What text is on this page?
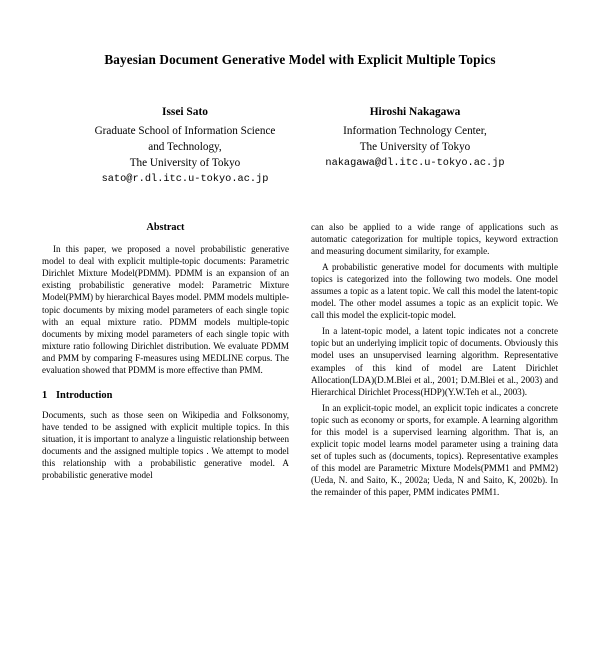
Bayesian Document Generative Model with Explicit Multiple Topics
Issei Sato
Graduate School of Information Science
and Technology,
The University of Tokyo
sato@r.dl.itc.u-tokyo.ac.jp
Hiroshi Nakagawa
Information Technology Center,
The University of Tokyo
nakagawa@dl.itc.u-tokyo.ac.jp
Abstract

In this paper, we proposed a novel probabilistic generative model to deal with explicit multiple-topic documents: Parametric Dirichlet Mixture Model(PDMM). PDMM is an expansion of an existing probabilistic generative model: Parametric Mixture Model(PMM) by hierarchical Bayes model. PMM models multiple-topic documents by mixing model parameters of each single topic with an equal mixture ratio. PDMM models multiple-topic documents by mixing model parameters of each single topic with mixture ratio following Dirichlet distribution. We evaluate PDMM and PMM by comparing F-measures using MEDLINE corpus. The evaluation showed that PDMM is more effective than PMM.

1 Introduction

Documents, such as those seen on Wikipedia and Folksonomy, have tended to be assigned with explicit multiple topics. In this situation, it is important to analyze a linguistic relationship between documents and the assigned multiple topics . We attempt to model this relationship with a probabilistic generative model. A probabilistic generative model

can also be applied to a wide range of applications such as automatic categorization for multiple topics, keyword extraction and measuring document similarity, for example.

A probabilistic generative model for documents with multiple topics is categorized into the following two models. One model assumes a topic as a latent topic. We call this model the latent-topic model. The other model assumes a topic as an explicit topic. We call this model the explicit-topic model.

In a latent-topic model, a latent topic indicates not a concrete topic but an underlying implicit topic of documents. Obviously this model uses an unsupervised learning algorithm. Representative examples of this kind of model are Latent Dirichlet Allocation(LDA)(D.M.Blei et al., 2001; D.M.Blei et al., 2003) and Hierarchical Dirichlet Process(HDP)(Y.W.Teh et al., 2003).

In an explicit-topic model, an explicit topic indicates a concrete topic such as economy or sports, for example. A learning algorithm for this model is a supervised learning algorithm. That is, an explicit topic model learns model parameter using a training data set of tuples such as (documents, topics). Representative examples of this model are Parametric Mixture Models(PMM1 and PMM2)(Ueda, N. and Saito, K., 2002a; Ueda, N and Saito, K, 2002b). In the remainder of this paper, PMM indicates PMM1.
